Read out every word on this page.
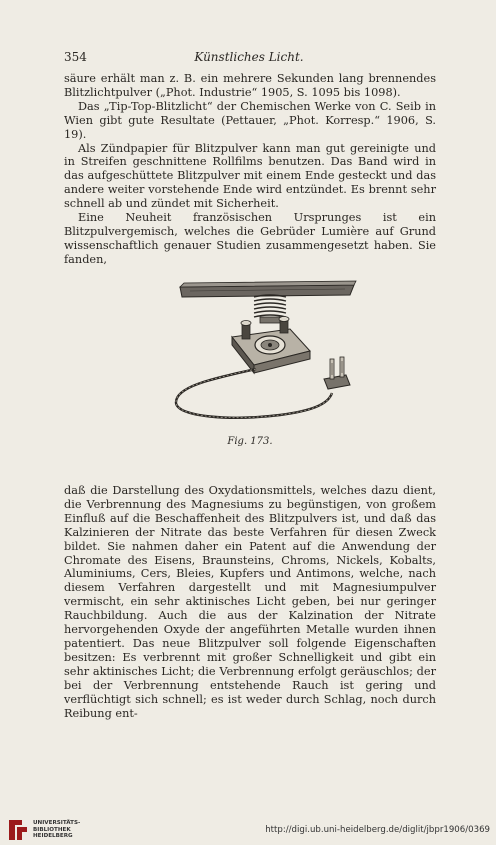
354	Künstliches Licht.

säure erhält man z. B. ein mehrere Sekunden lang brennendes Blitzlichtpulver („Phot. Industrie“ 1905, S. 1095 bis 1098).

Das „Tip-Top-Blitzlicht“ der Chemischen Werke von C. Seib in Wien gibt gute Resultate (Pettauer, „Phot. Korresp.“ 1906, S. 19).

Als Zündpapier für Blitzpulver kann man gut gereinigte und in Streifen geschnittene Rollfilms benutzen. Das Band wird in das aufgeschüttete Blitzpulver mit einem Ende gesteckt und das andere weiter vorstehende Ende wird entzündet. Es brennt sehr schnell ab und zündet mit Sicherheit.

Eine Neuheit französischen Ursprunges ist ein Blitzpulvergemisch, welches die Gebrüder Lumière auf Grund wissenschaftlich genauer Studien zusammengesetzt haben. Sie fanden,

Fig. 173.

daß die Darstellung des Oxydationsmittels, welches dazu dient, die Verbrennung des Magnesiums zu begünstigen, von großem Einfluß auf die Beschaffenheit des Blitzpulvers ist, und daß das Kalzinieren der Nitrate das beste Verfahren für diesen Zweck bildet. Sie nahmen daher ein Patent auf die Anwendung der Chromate des Eisens, Braunsteins, Chroms, Nickels, Kobalts, Aluminiums, Cers, Bleies, Kupfers und Antimons, welche, nach diesem Verfahren dargestellt und mit Magnesiumpulver vermischt, ein sehr aktinisches Licht geben, bei nur geringer Rauchbildung. Auch die aus der Kalzination der Nitrate hervorgehenden Oxyde der angeführten Metalle wurden ihnen patentiert. Das neue Blitzpulver soll folgende Eigenschaften besitzen: Es verbrennt mit großer Schnelligkeit und gibt ein sehr aktinisches Licht; die Verbrennung erfolgt geräuschlos; der bei der Verbrennung entstehende Rauch ist gering und verflüchtigt sich schnell; es ist weder durch Schlag, noch durch Reibung ent-

UNIVERSITÄTS-
BIBLIOTHEK
HEIDELBERG
http://digi.ub.uni-heidelberg.de/diglit/jbpr1906/0369
